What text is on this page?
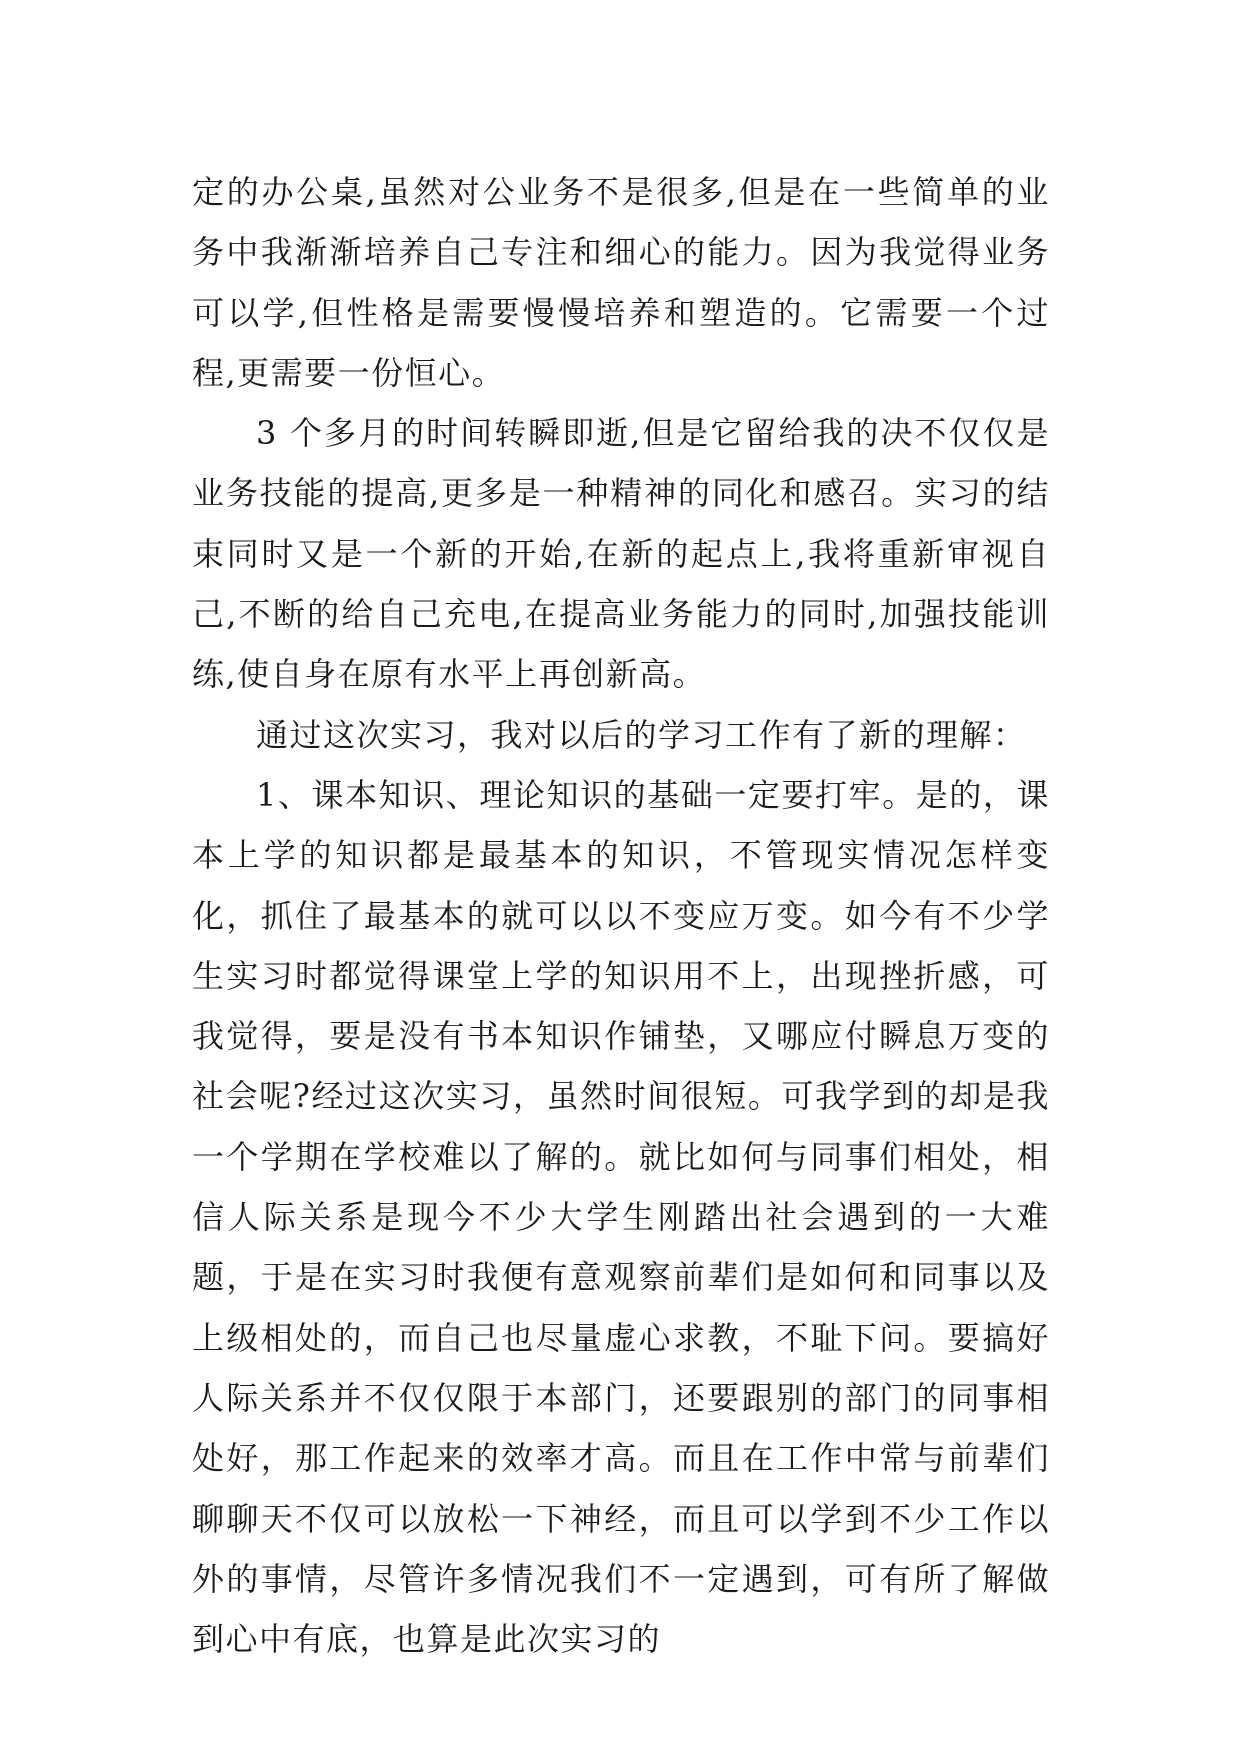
定的办公桌,虽然对公业务不是很多,但是在一些简单的业务中我渐渐培养自己专注和细心的能力。因为我觉得业务可以学,但性格是需要慢慢培养和塑造的。它需要一个过程,更需要一份恒心。

3 个多月的时间转瞬即逝,但是它留给我的决不仅仅是业务技能的提高,更多是一种精神的同化和感召。实习的结束同时又是一个新的开始,在新的起点上,我将重新审视自己,不断的给自己充电,在提高业务能力的同时,加强技能训练,使自身在原有水平上再创新高。

通过这次实习，我对以后的学习工作有了新的理解：

1、课本知识、理论知识的基础一定要打牢。是的，课本上学的知识都是最基本的知识，不管现实情况怎样变化，抓住了最基本的就可以以不变应万变。如今有不少学生实习时都觉得课堂上学的知识用不上，出现挫折感，可我觉得，要是没有书本知识作铺垫，又哪应付瞬息万变的社会呢?经过这次实习，虽然时间很短。可我学到的却是我一个学期在学校难以了解的。就比如何与同事们相处，相信人际关系是现今不少大学生刚踏出社会遇到的一大难题，于是在实习时我便有意观察前辈们是如何和同事以及上级相处的，而自己也尽量虚心求教，不耻下问。要搞好人际关系并不仅仅限于本部门，还要跟别的部门的同事相处好，那工作起来的效率才高。而且在工作中常与前辈们聊聊天不仅可以放松一下神经，而且可以学到不少工作以外的事情，尽管许多情况我们不一定遇到，可有所了解做到心中有底，也算是此次实习的
